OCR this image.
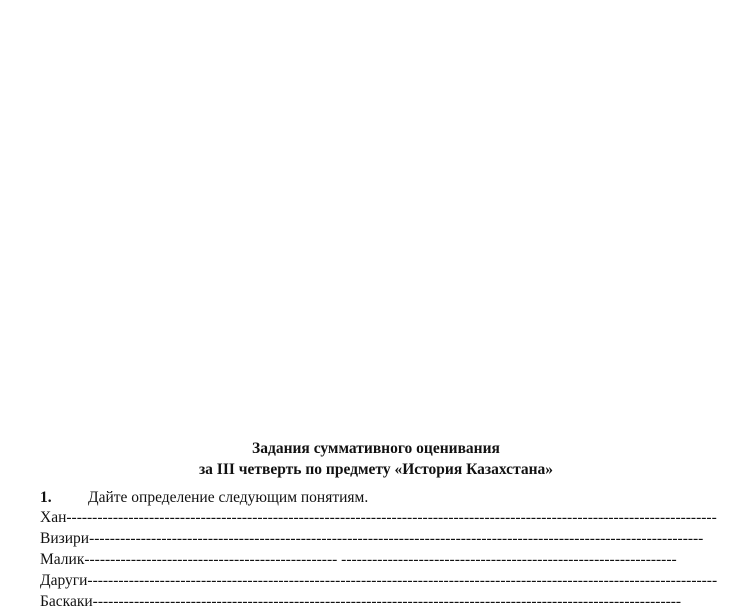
Задания суммативного оценивания
за III четверть по предмету «История Казахстана»
1. Дайте определение следующим понятиям.
Хан------------------------------------------------------------------------------------------------------------------------------
Визири-----------------------------------------------------------------------------------------------------------------------
Малик------------------------------------------------- -----------------------------------------------------------------
Даруги--------------------------------------------------------------------------------------------------------------------------
Баскаки------------------------------------------------------------------------------------------------------------------
